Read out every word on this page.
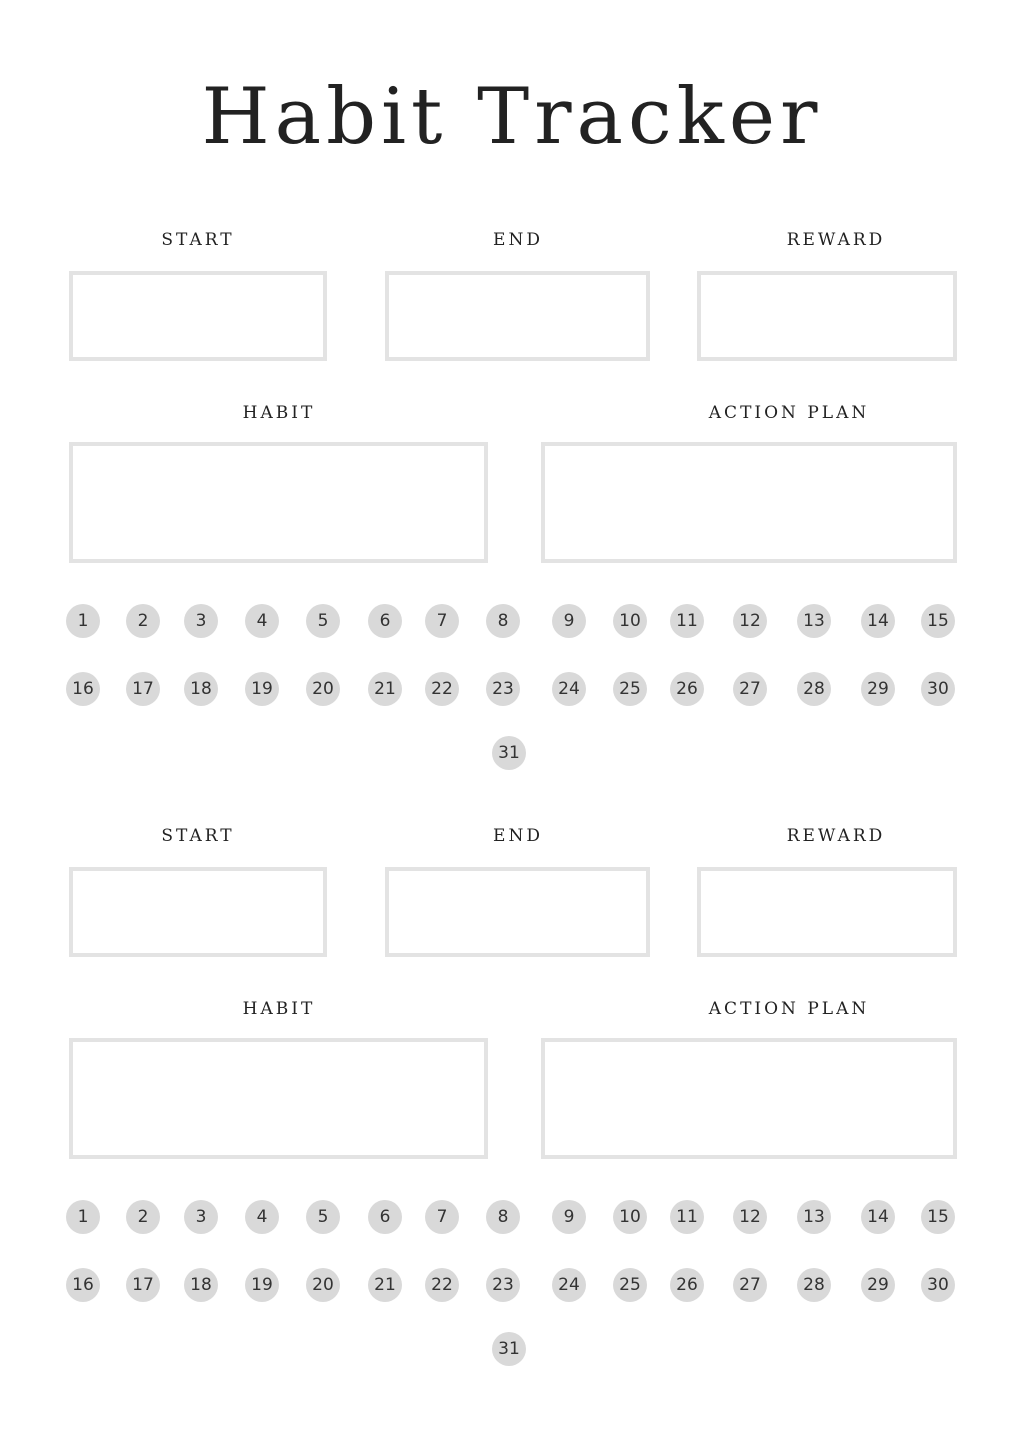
Habit Tracker
START	END	REWARD
HABIT	ACTION PLAN
1	2	3	4	5	6	7	8	9	10	11	12	13	14	15
16	17	18	19	20	21	22	23	24	25	26	27	28	29	30
31
START	END	REWARD
HABIT	ACTION PLAN
1	2	3	4	5	6	7	8	9	10	11	12	13	14	15
16	17	18	19	20	21	22	23	24	25	26	27	28	29	30
31
